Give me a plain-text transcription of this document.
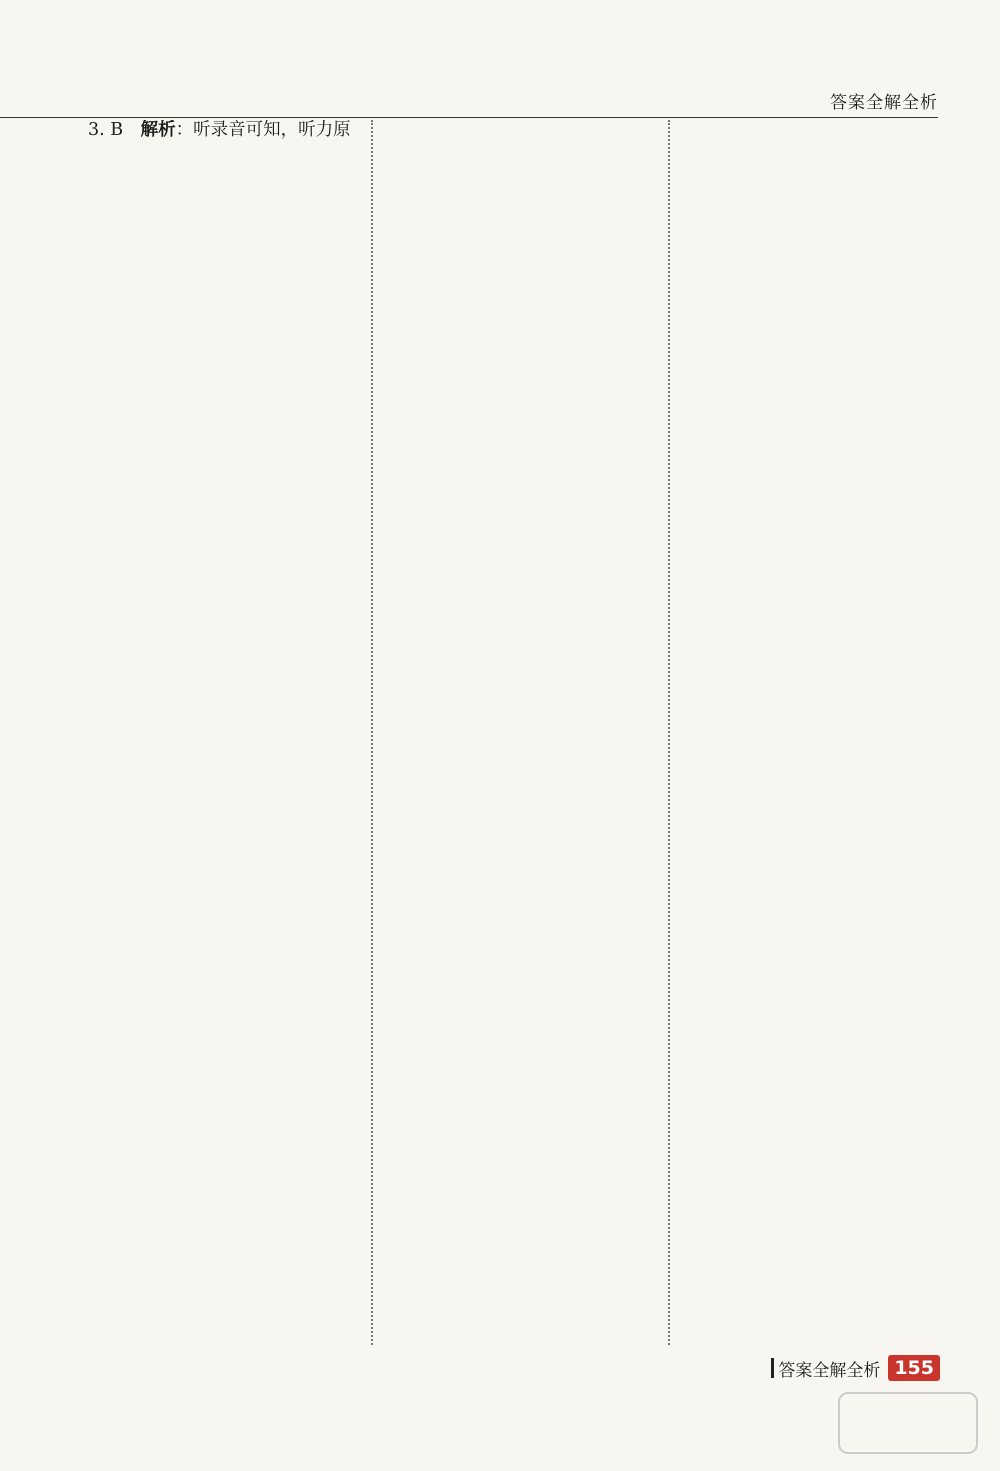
答案全解全析
3. B　解析：听录音可知，听力原
答案全解全析 155
